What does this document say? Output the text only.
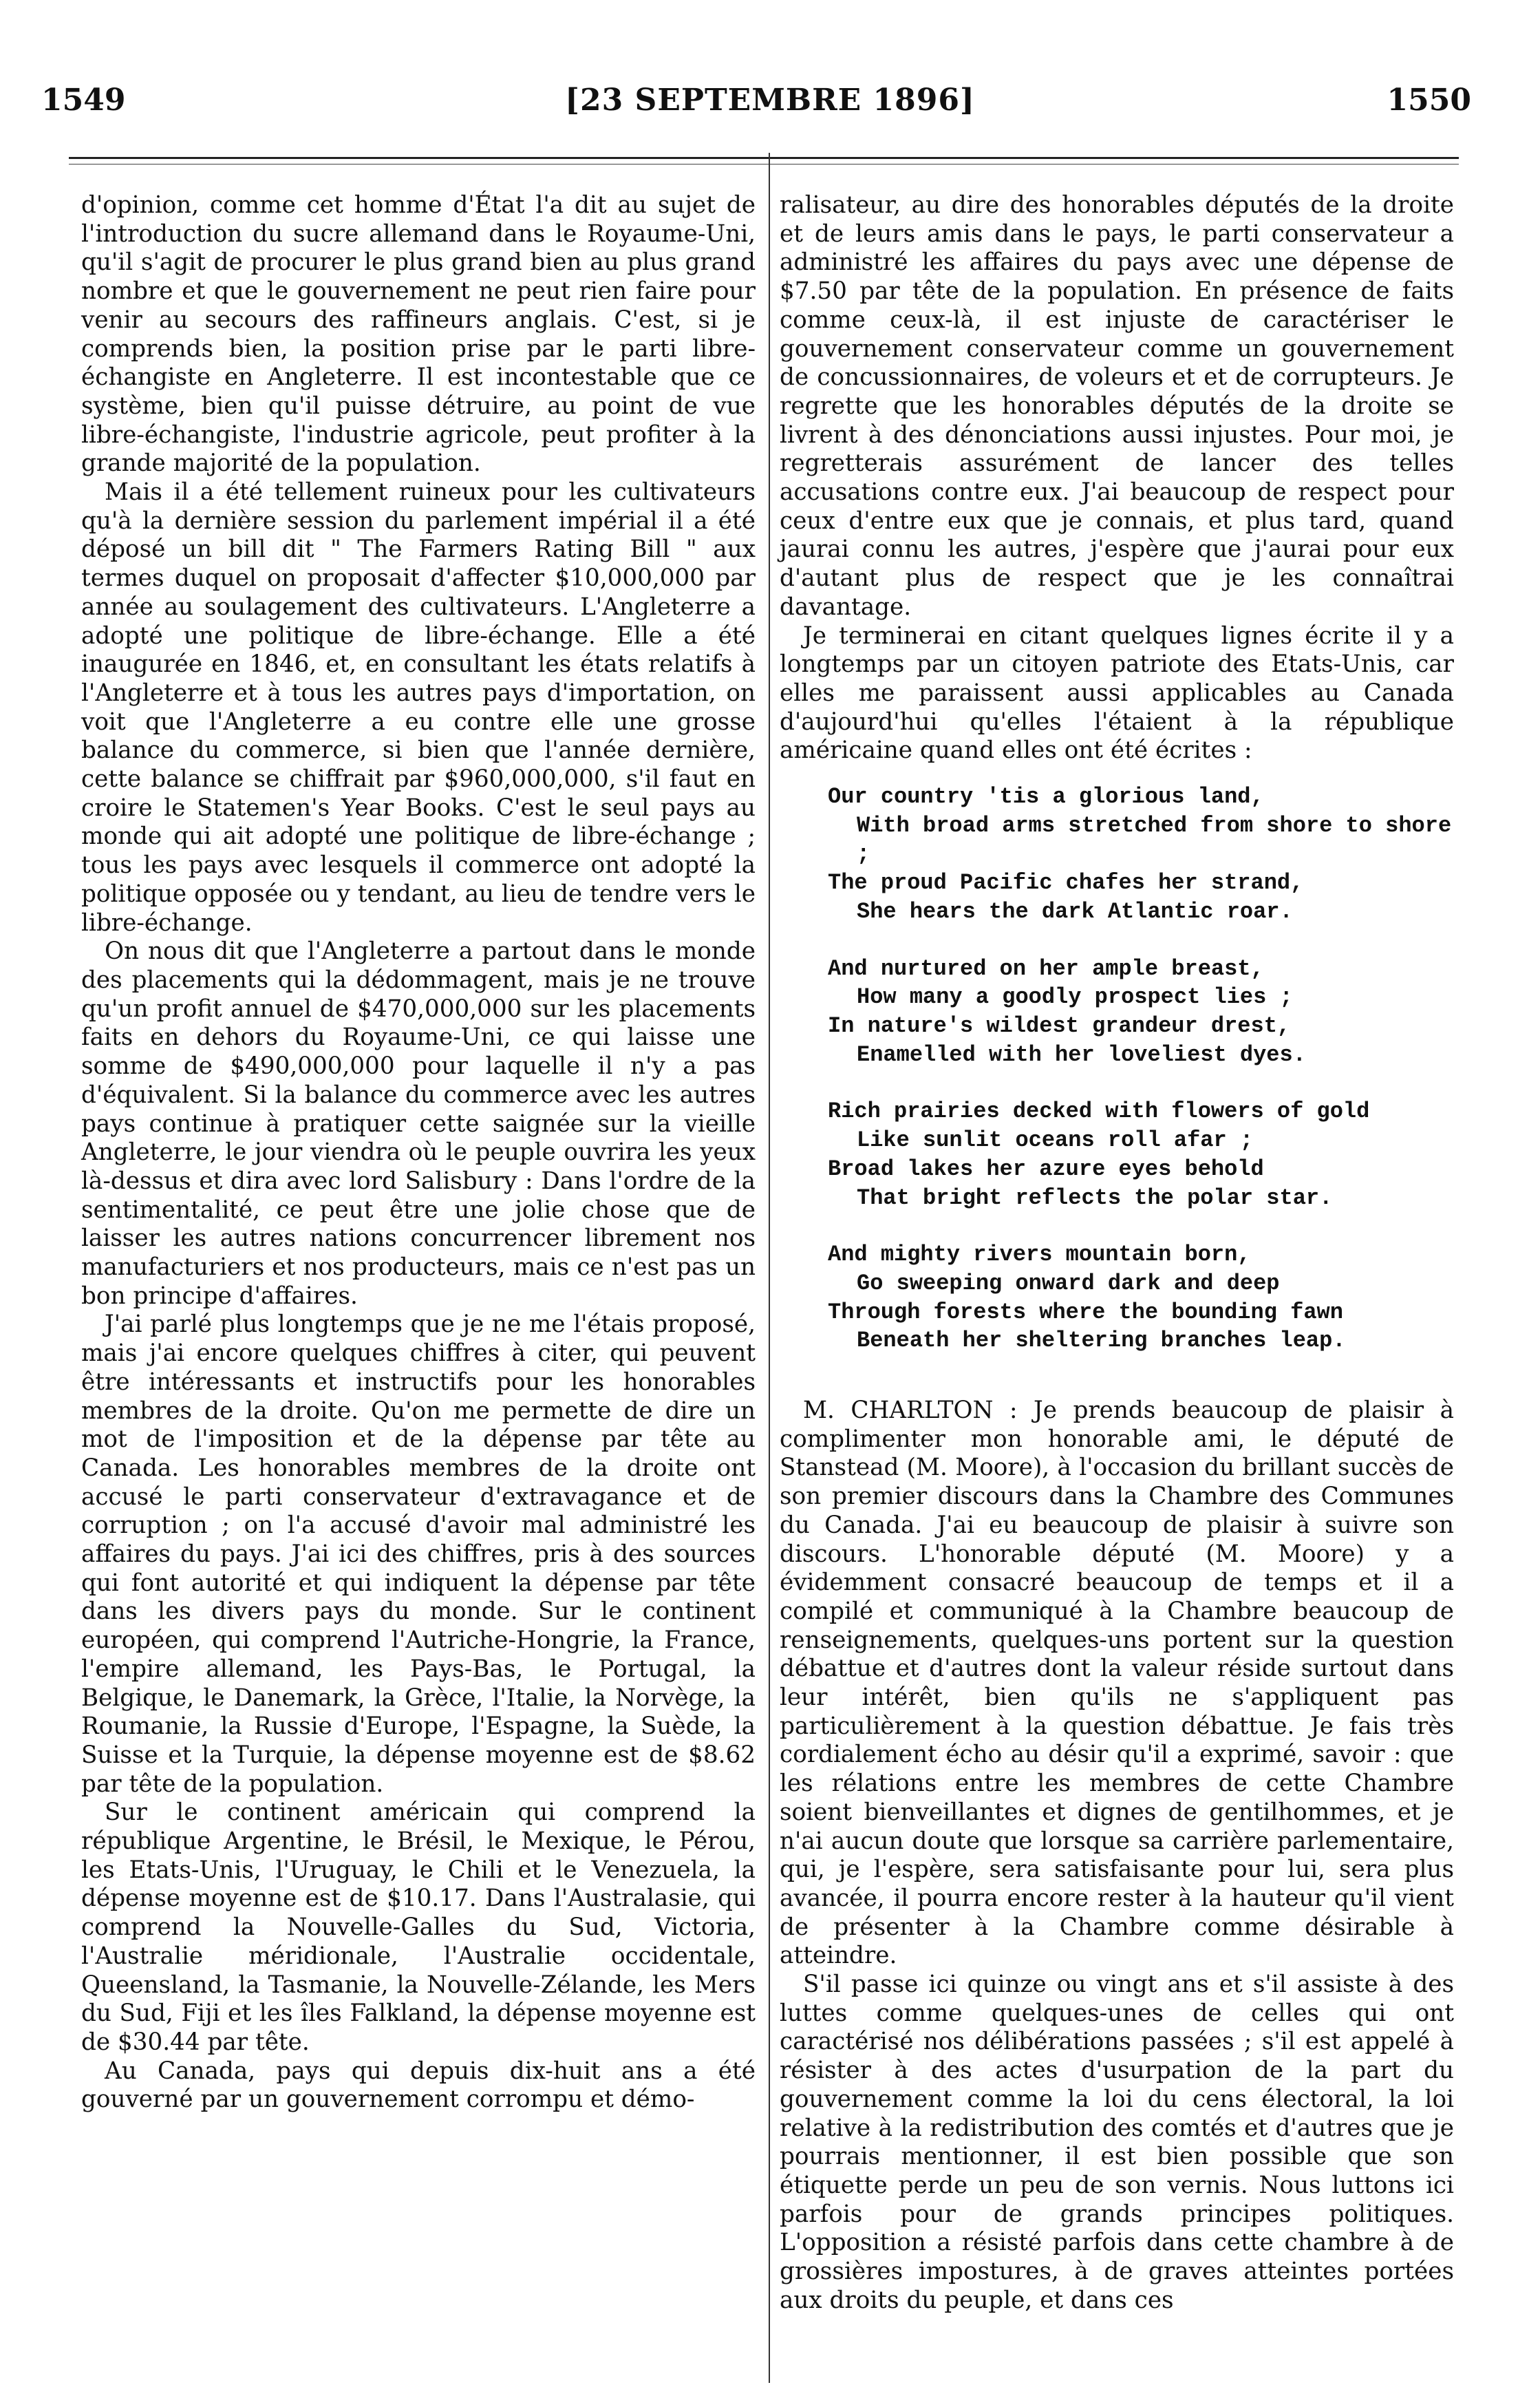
1549	[23 SEPTEMBRE 1896]	1550

d'opinion, comme cet homme d'État l'a dit au sujet de l'introduction du sucre allemand dans le Royaume-Uni, qu'il s'agit de procurer le plus grand bien au plus grand nombre et que le gouvernement ne peut rien faire pour venir au secours des raffineurs anglais. C'est, si je comprends bien, la position prise par le parti libre-échangiste en Angleterre. Il est incontestable que ce système, bien qu'il puisse détruire, au point de vue libre-échangiste, l'industrie agricole, peut profiter à la grande majorité de la population.

Mais il a été tellement ruineux pour les cultivateurs qu'à la dernière session du parlement impérial il a été déposé un bill dit " The Farmers Rating Bill " aux termes duquel on proposait d'affecter $10,000,000 par année au soulagement des cultivateurs. L'Angleterre a adopté une politique de libre-échange. Elle a été inaugurée en 1846, et, en consultant les états relatifs à l'Angleterre et à tous les autres pays d'importation, on voit que l'Angleterre a eu contre elle une grosse balance du commerce, si bien que l'année dernière, cette balance se chiffrait par $960,000,000, s'il faut en croire le Statemen's Year Books. C'est le seul pays au monde qui ait adopté une politique de libre-échange ; tous les pays avec lesquels il commerce ont adopté la politique opposée ou y tendant, au lieu de tendre vers le libre-échange.

On nous dit que l'Angleterre a partout dans le monde des placements qui la dédommagent, mais je ne trouve qu'un profit annuel de $470,000,000 sur les placements faits en dehors du Royaume-Uni, ce qui laisse une somme de $490,000,000 pour laquelle il n'y a pas d'équivalent. Si la balance du commerce avec les autres pays continue à pratiquer cette saignée sur la vieille Angleterre, le jour viendra où le peuple ouvrira les yeux là-dessus et dira avec lord Salisbury : Dans l'ordre de la sentimentalité, ce peut être une jolie chose que de laisser les autres nations concurrencer librement nos manufacturiers et nos producteurs, mais ce n'est pas un bon principe d'affaires.

J'ai parlé plus longtemps que je ne me l'étais proposé, mais j'ai encore quelques chiffres à citer, qui peuvent être intéressants et instructifs pour les honorables membres de la droite. Qu'on me permette de dire un mot de l'imposition et de la dépense par tête au Canada. Les honorables membres de la droite ont accusé le parti conservateur d'extravagance et de corruption ; on l'a accusé d'avoir mal administré les affaires du pays. J'ai ici des chiffres, pris à des sources qui font autorité et qui indiquent la dépense par tête dans les divers pays du monde. Sur le continent européen, qui comprend l'Autriche-Hongrie, la France, l'empire allemand, les Pays-Bas, le Portugal, la Belgique, le Danemark, la Grèce, l'Italie, la Norvège, la Roumanie, la Russie d'Europe, l'Espagne, la Suède, la Suisse et la Turquie, la dépense moyenne est de $8.62 par tête de la population.

Sur le continent américain qui comprend la république Argentine, le Brésil, le Mexique, le Pérou, les Etats-Unis, l'Uruguay, le Chili et le Venezuela, la dépense moyenne est de $10.17. Dans l'Australasie, qui comprend la Nouvelle-Galles du Sud, Victoria, l'Australie méridionale, l'Australie occidentale, Queensland, la Tasmanie, la Nouvelle-Zélande, les Mers du Sud, Fiji et les îles Falkland, la dépense moyenne est de $30.44 par tête.

Au Canada, pays qui depuis dix-huit ans a été gouverné par un gouvernement corrompu et démo-

ralisateur, au dire des honorables députés de la droite et de leurs amis dans le pays, le parti conservateur a administré les affaires du pays avec une dépense de $7.50 par tête de la population. En présence de faits comme ceux-là, il est injuste de caractériser le gouvernement conservateur comme un gouvernement de concussionnaires, de voleurs et et de corrupteurs. Je regrette que les honorables députés de la droite se livrent à des dénonciations aussi injustes. Pour moi, je regretterais assurément de lancer des telles accusations contre eux. J'ai beaucoup de respect pour ceux d'entre eux que je connais, et plus tard, quand jaurai connu les autres, j'espère que j'aurai pour eux d'autant plus de respect que je les connaîtrai davantage.

Je terminerai en citant quelques lignes écrite il y a longtemps par un citoyen patriote des Etats-Unis, car elles me paraissent aussi applicables au Canada d'aujourd'hui qu'elles l'étaient à la république américaine quand elles ont été écrites :

Our country 'tis a glorious land,
With broad arms stretched from shore to shore ;
The proud Pacific chafes her strand,
She hears the dark Atlantic roar.
And nurtured on her ample breast,
How many a goodly prospect lies ;
In nature's wildest grandeur drest,
Enamelled with her loveliest dyes.
Rich prairies decked with flowers of gold
Like sunlit oceans roll afar ;
Broad lakes her azure eyes behold
That bright reflects the polar star.
And mighty rivers mountain born,
Go sweeping onward dark and deep
Through forests where the bounding fawn
Beneath her sheltering branches leap.

M. CHARLTON : Je prends beaucoup de plaisir à complimenter mon honorable ami, le député de Stanstead (M. Moore), à l'occasion du brillant succès de son premier discours dans la Chambre des Communes du Canada. J'ai eu beaucoup de plaisir à suivre son discours. L'honorable député (M. Moore) y a évidemment consacré beaucoup de temps et il a compilé et communiqué à la Chambre beaucoup de renseignements, quelques-uns portent sur la question débattue et d'autres dont la valeur réside surtout dans leur intérêt, bien qu'ils ne s'appliquent pas particulièrement à la question débattue. Je fais très cordialement écho au désir qu'il a exprimé, savoir : que les rélations entre les membres de cette Chambre soient bienveillantes et dignes de gentilhommes, et je n'ai aucun doute que lorsque sa carrière parlementaire, qui, je l'espère, sera satisfaisante pour lui, sera plus avancée, il pourra encore rester à la hauteur qu'il vient de présenter à la Chambre comme désirable à atteindre.

S'il passe ici quinze ou vingt ans et s'il assiste à des luttes comme quelques-unes de celles qui ont caractérisé nos délibérations passées ; s'il est appelé à résister à des actes d'usurpation de la part du gouvernement comme la loi du cens électoral, la loi relative à la redistribution des comtés et d'autres que je pourrais mentionner, il est bien possible que son étiquette perde un peu de son vernis. Nous luttons ici parfois pour de grands principes politiques. L'opposition a résisté parfois dans cette chambre à de grossières impostures, à de graves atteintes portées aux droits du peuple, et dans ces
